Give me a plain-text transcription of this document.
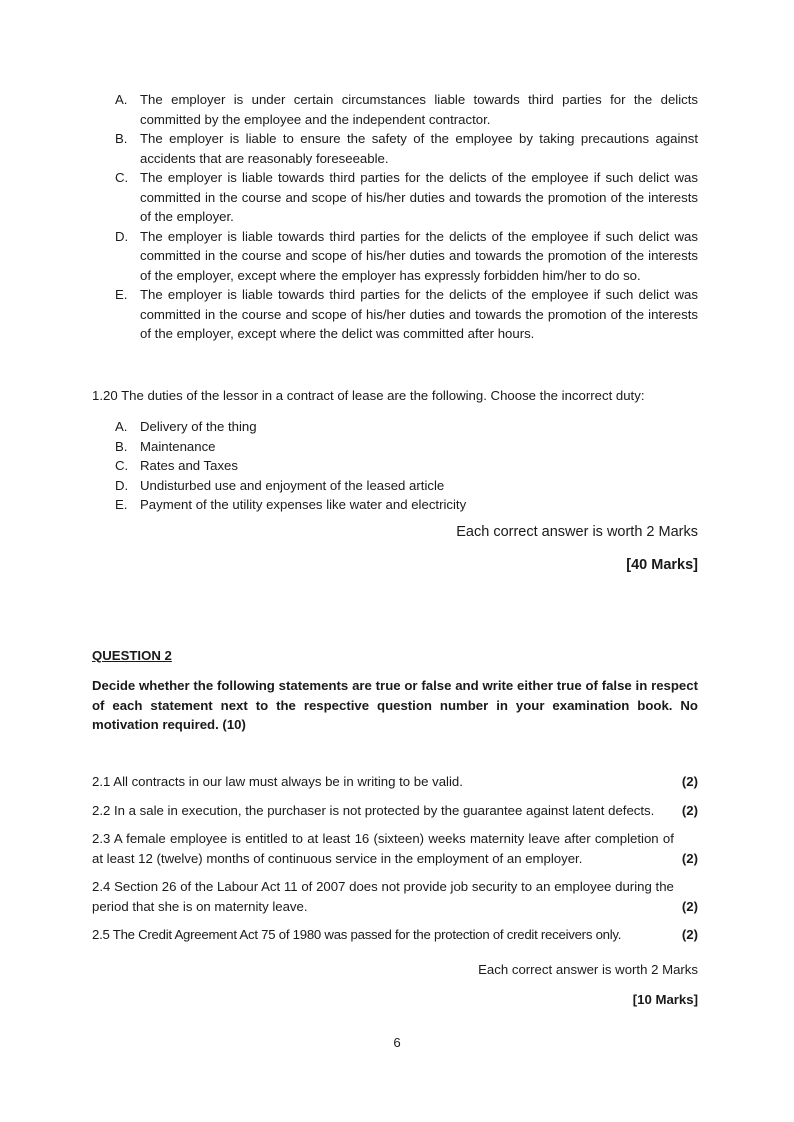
A. The employer is under certain circumstances liable towards third parties for the delicts committed by the employee and the independent contractor.
B. The employer is liable to ensure the safety of the employee by taking precautions against accidents that are reasonably foreseeable.
C. The employer is liable towards third parties for the delicts of the employee if such delict was committed in the course and scope of his/her duties and towards the promotion of the interests of the employer.
D. The employer is liable towards third parties for the delicts of the employee if such delict was committed in the course and scope of his/her duties and towards the promotion of the interests of the employer, except where the employer has expressly forbidden him/her to do so.
E. The employer is liable towards third parties for the delicts of the employee if such delict was committed in the course and scope of his/her duties and towards the promotion of the interests of the employer, except where the delict was committed after hours.
1.20 The duties of the lessor in a contract of lease are the following. Choose the incorrect duty:
A. Delivery of the thing
B. Maintenance
C. Rates and Taxes
D. Undisturbed use and enjoyment of the leased article
E. Payment of the utility expenses like water and electricity
Each correct answer is worth 2 Marks
[40 Marks]
QUESTION 2
Decide whether the following statements are true or false and write either true of false in respect of each statement next to the respective question number in your examination book. No motivation required. (10)
2.1 All contracts in our law must always be in writing to be valid.	(2)
2.2 In a sale in execution, the purchaser is not protected by the guarantee against latent defects. (2)
2.3 A female employee is entitled to at least 16 (sixteen) weeks maternity leave after completion of at least 12 (twelve) months of continuous service in the employment of an employer.	(2)
2.4 Section 26 of the Labour Act 11 of 2007 does not provide job security to an employee during the period that she is on maternity leave.	(2)
2.5 The Credit Agreement Act 75 of 1980 was passed for the protection of credit receivers only.	(2)
Each correct answer is worth 2 Marks
[10 Marks]
6
